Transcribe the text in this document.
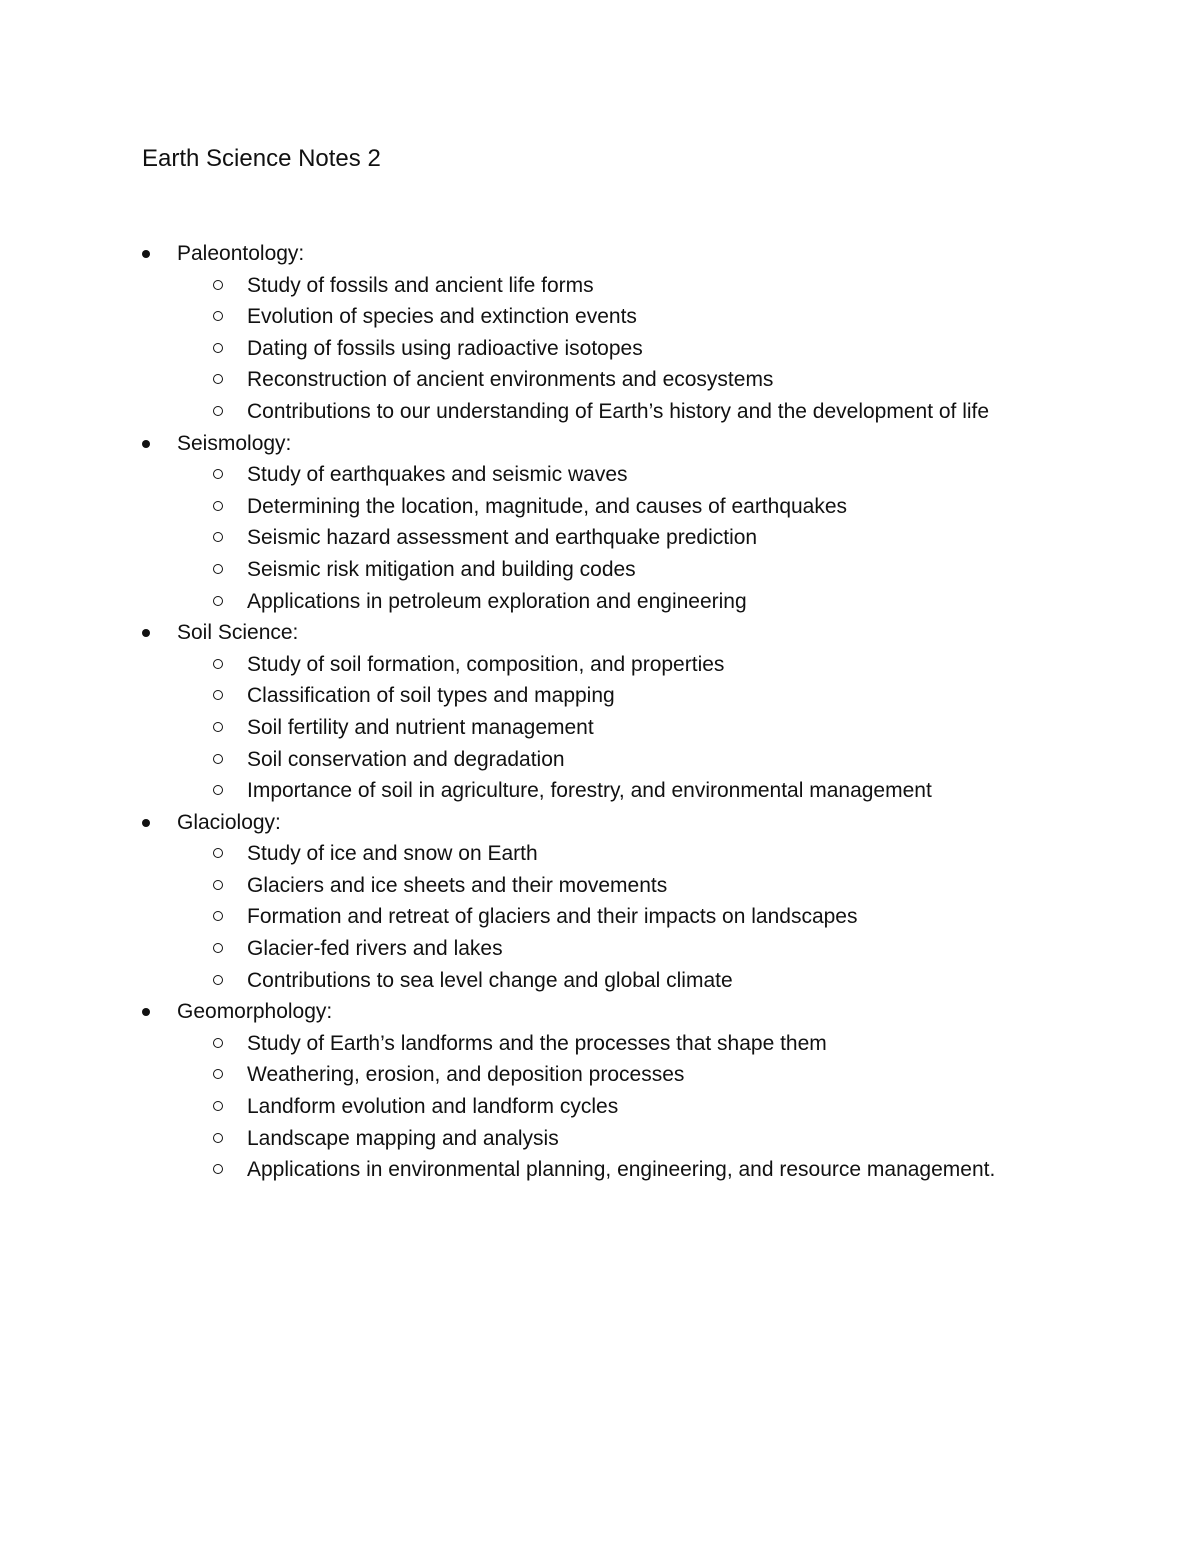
Earth Science Notes 2
Paleontology:
Study of fossils and ancient life forms
Evolution of species and extinction events
Dating of fossils using radioactive isotopes
Reconstruction of ancient environments and ecosystems
Contributions to our understanding of Earth’s history and the development of life
Seismology:
Study of earthquakes and seismic waves
Determining the location, magnitude, and causes of earthquakes
Seismic hazard assessment and earthquake prediction
Seismic risk mitigation and building codes
Applications in petroleum exploration and engineering
Soil Science:
Study of soil formation, composition, and properties
Classification of soil types and mapping
Soil fertility and nutrient management
Soil conservation and degradation
Importance of soil in agriculture, forestry, and environmental management
Glaciology:
Study of ice and snow on Earth
Glaciers and ice sheets and their movements
Formation and retreat of glaciers and their impacts on landscapes
Glacier-fed rivers and lakes
Contributions to sea level change and global climate
Geomorphology:
Study of Earth’s landforms and the processes that shape them
Weathering, erosion, and deposition processes
Landform evolution and landform cycles
Landscape mapping and analysis
Applications in environmental planning, engineering, and resource management.
